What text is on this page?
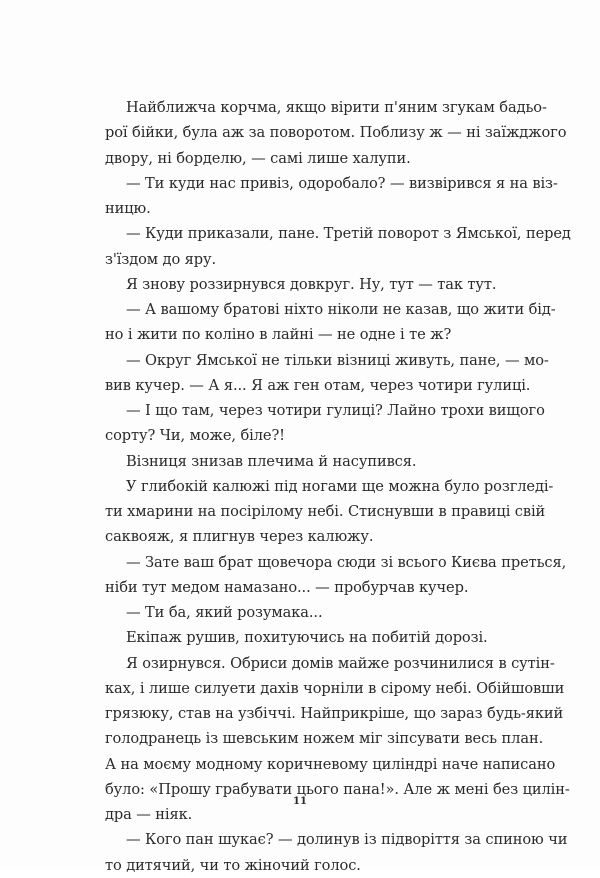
Найближча корчма, якщо вірити п'яним згукам бадьо-
рої бійки, була аж за поворотом. Поблизу ж — ні заїжджого
двору, ні борделю, — самі лише халупи.
— Ти куди нас привіз, одоробало? — визвірився я на віз-
ницю.
— Куди приказали, пане. Третій поворот з Ямської, перед
з'їздом до яру.
Я знову роззирнувся довкруг. Ну, тут — так тут.
— А вашому братові ніхто ніколи не казав, що жити бід-
но і жити по коліно в лайні — не одне і те ж?
— Округ Ямської не тільки візниці живуть, пане, — мо-
вив кучер. — А я... Я аж ген отам, через чотири гулиці.
— І що там, через чотири гулиці? Лайно трохи вищого
сорту? Чи, може, біле?!
Візниця знизав плечима й насупився.
У глибокій калюжі під ногами ще можна було розгледі-
ти хмарини на посірілому небі. Стиснувши в правиці свій
саквояж, я плигнув через калюжу.
— Зате ваш брат щовечора сюди зі всього Києва преться,
ніби тут медом намазано... — пробурчав кучер.
— Ти ба, який розумака...
Екіпаж рушив, похитуючись на побитій дорозі.
Я озирнувся. Обриси домів майже розчинилися в сутін-
ках, і лише силуети дахів чорніли в сірому небі. Обійшовши
грязюку, став на узбіччі. Найприкріше, що зараз будь-який
голодранець із шевським ножем міг зіпсувати весь план.
А на моєму модному коричневому циліндрі наче написано
було: «Прошу грабувати цього пана!». Але ж мені без цилін-
дра — ніяк.
— Кого пан шукає? — долинув із підворіття за спиною чи
то дитячий, чи то жіночий голос.
11
